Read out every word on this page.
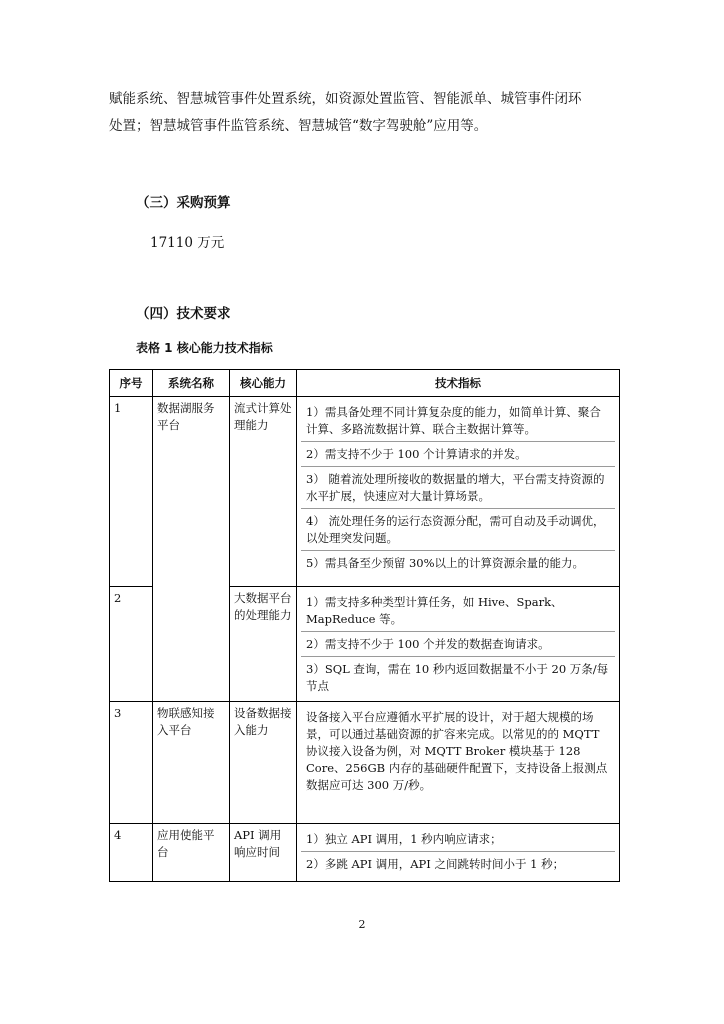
赋能系统、智慧城管事件处置系统，如资源处置监管、智能派单、城管事件闭环

处置；智慧城管事件监管系统、智慧城管“数字驾驶舱”应用等。

（三）采购预算
17110 万元
（四）技术要求
表格 1 核心能力技术指标
序号	系统名称	核心能力	技术指标
1	数据湖服务平台	流式计算处理能力	1）需具备处理不同计算复杂度的能力，如简单计算、聚合计算、多路流数据计算、联合主数据计算等。
2）需支持不少于 100 个计算请求的并发。
3） 随着流处理所接收的数据量的增大，平台需支持资源的水平扩展，快速应对大量计算场景。
4） 流处理任务的运行态资源分配，需可自动及手动调优，以处理突发问题。
5）需具备至少预留 30%以上的计算资源余量的能力。

2		大数据平台的处理能力	1）需支持多种类型计算任务，如 Hive、Spark、MapReduce 等。
2）需支持不少于 100 个并发的数据查询请求。
3）SQL 查询，需在 10 秒内返回数据量不小于 20 万条/每节点

3	物联感知接入平台	设备数据接入能力	设备接入平台应遵循水平扩展的设计，对于超大规模的场景，可以通过基础资源的扩容来完成。以常见的的 MQTT 协议接入设备为例，对 MQTT Broker 模块基于 128 Core、256GB 内存的基础硬件配置下，支持设备上报测点数据应可达 300 万/秒。

4	应用使能平台	API 调用响应时间	1）独立 API 调用，1 秒内响应请求；
2）多跳 API 调用，API 之间跳转时间小于 1 秒；
2
